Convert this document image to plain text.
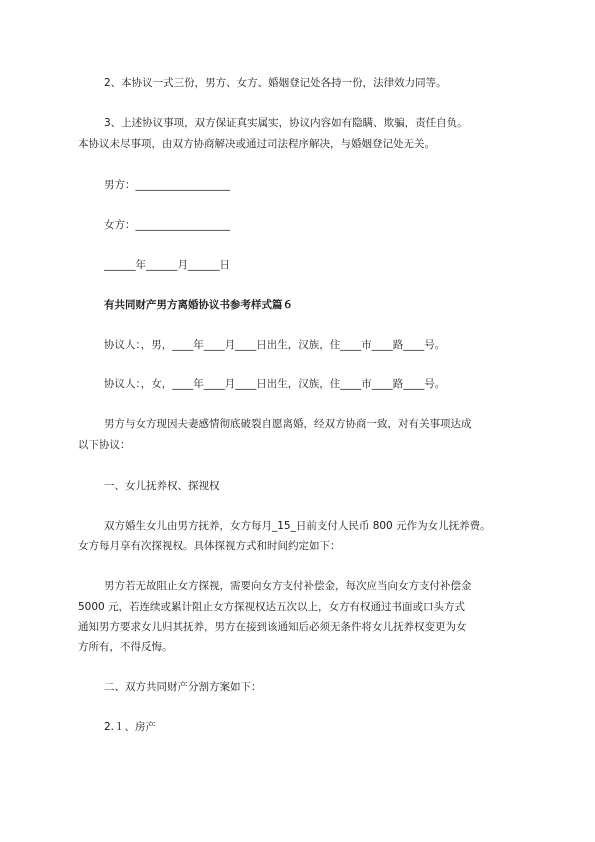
2、本协议一式三份，男方、女方、婚姻登记处各持一份，法律效力同等。
3、上述协议事项，双方保证真实属实，协议内容如有隐瞒、欺骗，责任自负。
本协议未尽事项，由双方协商解决或通过司法程序解决，与婚姻登记处无关。
男方：__________________
女方：__________________
______年______月______日
有共同财产男方离婚协议书参考样式篇６
协议人：，男，____年____月____日出生，汉族，住____市____路____号。
协议人：，女，____年____月____日出生，汉族，住____市____路____号。
男方与女方现因夫妻感情彻底破裂自愿离婚，经双方协商一致，对有关事项达成
以下协议：
一、女儿抚养权、探视权
双方婚生女儿由男方抚养，女方每月_15_日前支付人民币 800 元作为女儿抚养费。
女方每月享有次探视权。具体探视方式和时间约定如下：
男方若无故阻止女方探视，需要向女方支付补偿金，每次应当向女方支付补偿金
5000 元，若连续或累计阻止女方探视权达五次以上，女方有权通过书面或口头方式
通知男方要求女儿归其抚养，男方在接到该通知后必须无条件将女儿抚养权变更为女
方所有，不得反悔。
二、双方共同财产分割方案如下：
2.１、房产
